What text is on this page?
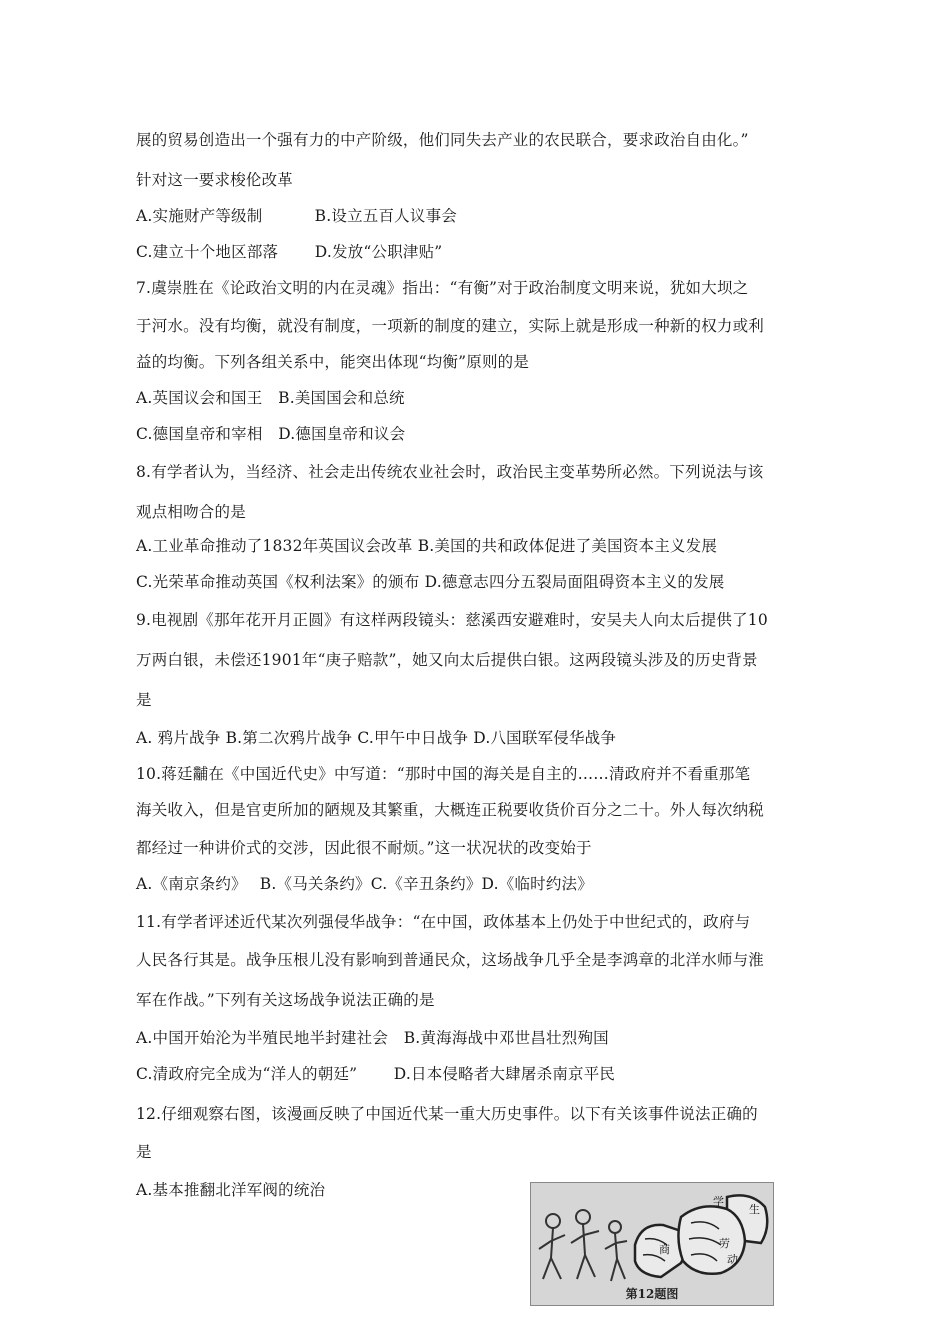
展的贸易创造出一个强有力的中产阶级，他们同失去产业的农民联合，要求政治自由化。”
针对这一要求梭伦改革
A.实施财产等级制　　　 B.设立五百人议事会
C.建立十个地区部落　　 D.发放“公职津贴”
7.虞崇胜在《论政治文明的内在灵魂》指出：“有衡”对于政治制度文明来说，犹如大坝之
于河水。没有均衡，就没有制度，一项新的制度的建立，实际上就是形成一种新的权力或利
益的均衡。下列各组关系中，能突出体现“均衡”原则的是
A.英国议会和国王　B.美国国会和总统
C.德国皇帝和宰相　D.德国皇帝和议会
8.有学者认为，当经济、社会走出传统农业社会时，政治民主变革势所必然。下列说法与该
观点相吻合的是
A.工业革命推动了1832年英国议会改革 B.美国的共和政体促进了美国资本主义发展
C.光荣革命推动英国《权利法案》的颁布 D.德意志四分五裂局面阻碍资本主义的发展
9.电视剧《那年花开月正圆》有这样两段镜头：慈溪西安避难时，安吴夫人向太后提供了10
万两白银，未偿还1901年“庚子赔款”，她又向太后提供白银。这两段镜头涉及的历史背景
是
A. 鸦片战争 B.第二次鸦片战争 C.甲午中日战争 D.八国联军侵华战争
10.蒋廷黼在《中国近代史》中写道：“那时中国的海关是自主的……清政府并不看重那笔
海关收入，但是官吏所加的陋规及其繁重，大概连正税要收货价百分之二十。外人每次纳税
都经过一种讲价式的交涉，因此很不耐烦。”这一状况状的改变始于
A.《南京条约》　 B.《马关条约》C.《辛丑条约》D.《临时约法》
11.有学者评述近代某次列强侵华战争：“在中国，政体基本上仍处于中世纪式的，政府与
人民各行其是。战争压根儿没有影响到普通民众，这场战争几乎全是李鸿章的北洋水师与淮
军在作战。”下列有关这场战争说法正确的是
A.中国开始沦为半殖民地半封建社会　B.黄海海战中邓世昌壮烈殉国
C.清政府完全成为“洋人的朝廷”　　 D.日本侵略者大肆屠杀南京平民
12.仔细观察右图，该漫画反映了中国近代某一重大历史事件。以下有关该事件说法正确的
是
A.基本推翻北洋军阀的统治
学
生
商	劳
动
第12题图
